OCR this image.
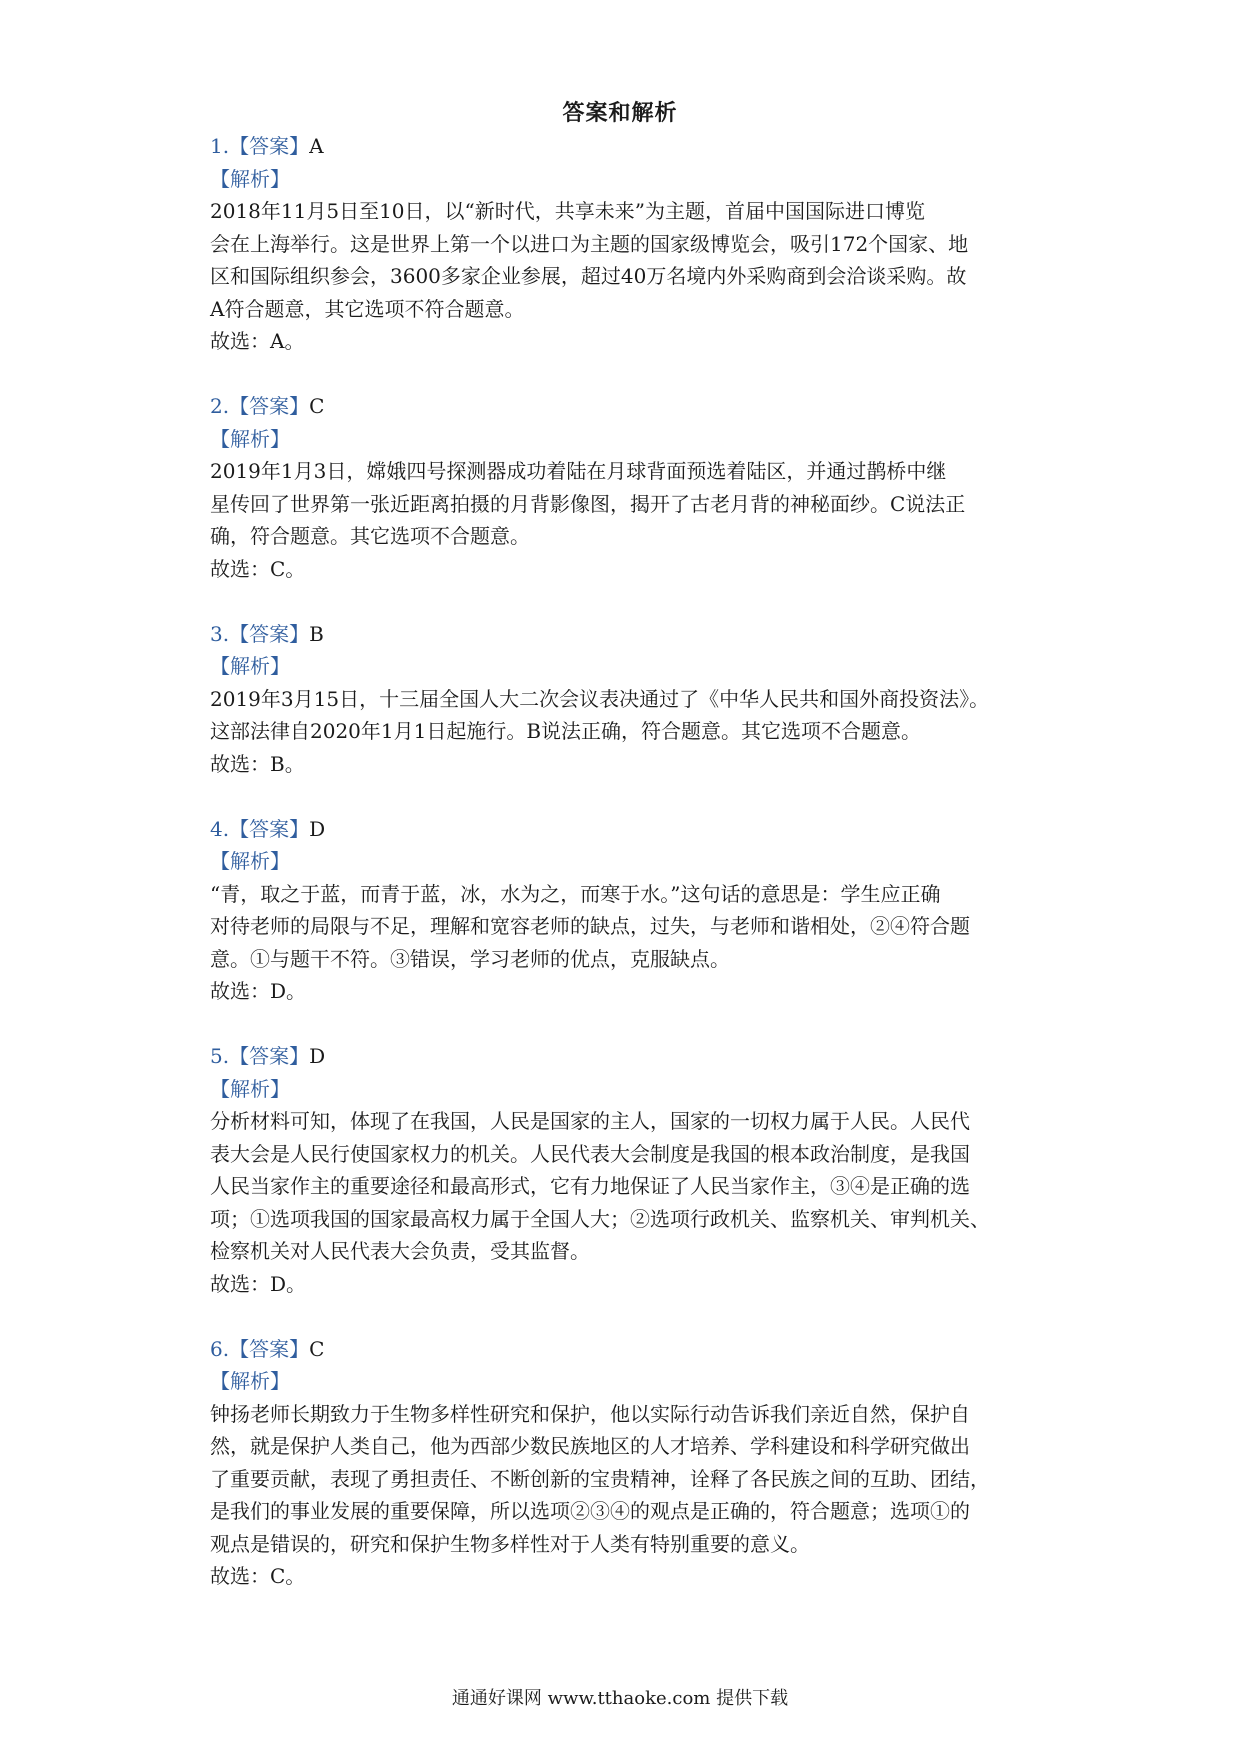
答案和解析
1.【答案】A
【解析】
2018年11月5日至10日，以“新时代，共享未来”为主题，首届中国国际进口博览
会在上海举行。这是世界上第一个以进口为主题的国家级博览会，吸引172个国家、地
区和国际组织参会，3600多家企业参展，超过40万名境内外采购商到会洽谈采购。故
A符合题意，其它选项不符合题意。
故选：A。
2.【答案】C
【解析】
2019年1月3日，嫦娥四号探测器成功着陆在月球背面预选着陆区，并通过鹊桥中继
星传回了世界第一张近距离拍摄的月背影像图，揭开了古老月背的神秘面纱。C说法正
确，符合题意。其它选项不合题意。
故选：C。
3.【答案】B
【解析】
2019年3月15日，十三届全国人大二次会议表决通过了《中华人民共和国外商投资法》。
这部法律自2020年1月1日起施行。B说法正确，符合题意。其它选项不合题意。
故选：B。
4.【答案】D
【解析】
“青，取之于蓝，而青于蓝，冰，水为之，而寒于水。”这句话的意思是：学生应正确
对待老师的局限与不足，理解和宽容老师的缺点，过失，与老师和谐相处，②④符合题
意。①与题干不符。③错误，学习老师的优点，克服缺点。
故选：D。
5.【答案】D
【解析】
分析材料可知，体现了在我国，人民是国家的主人，国家的一切权力属于人民。人民代
表大会是人民行使国家权力的机关。人民代表大会制度是我国的根本政治制度，是我国
人民当家作主的重要途径和最高形式，它有力地保证了人民当家作主，③④是正确的选
项；①选项我国的国家最高权力属于全国人大；②选项行政机关、监察机关、审判机关、
检察机关对人民代表大会负责，受其监督。
故选：D。
6.【答案】C
【解析】
钟扬老师长期致力于生物多样性研究和保护，他以实际行动告诉我们亲近自然，保护自
然，就是保护人类自己，他为西部少数民族地区的人才培养、学科建设和科学研究做出
了重要贡献，表现了勇担责任、不断创新的宝贵精神，诠释了各民族之间的互助、团结，
是我们的事业发展的重要保障，所以选项②③④的观点是正确的，符合题意；选项①的
观点是错误的，研究和保护生物多样性对于人类有特别重要的意义。
故选：C。
通通好课网 www.tthaoke.com 提供下载
